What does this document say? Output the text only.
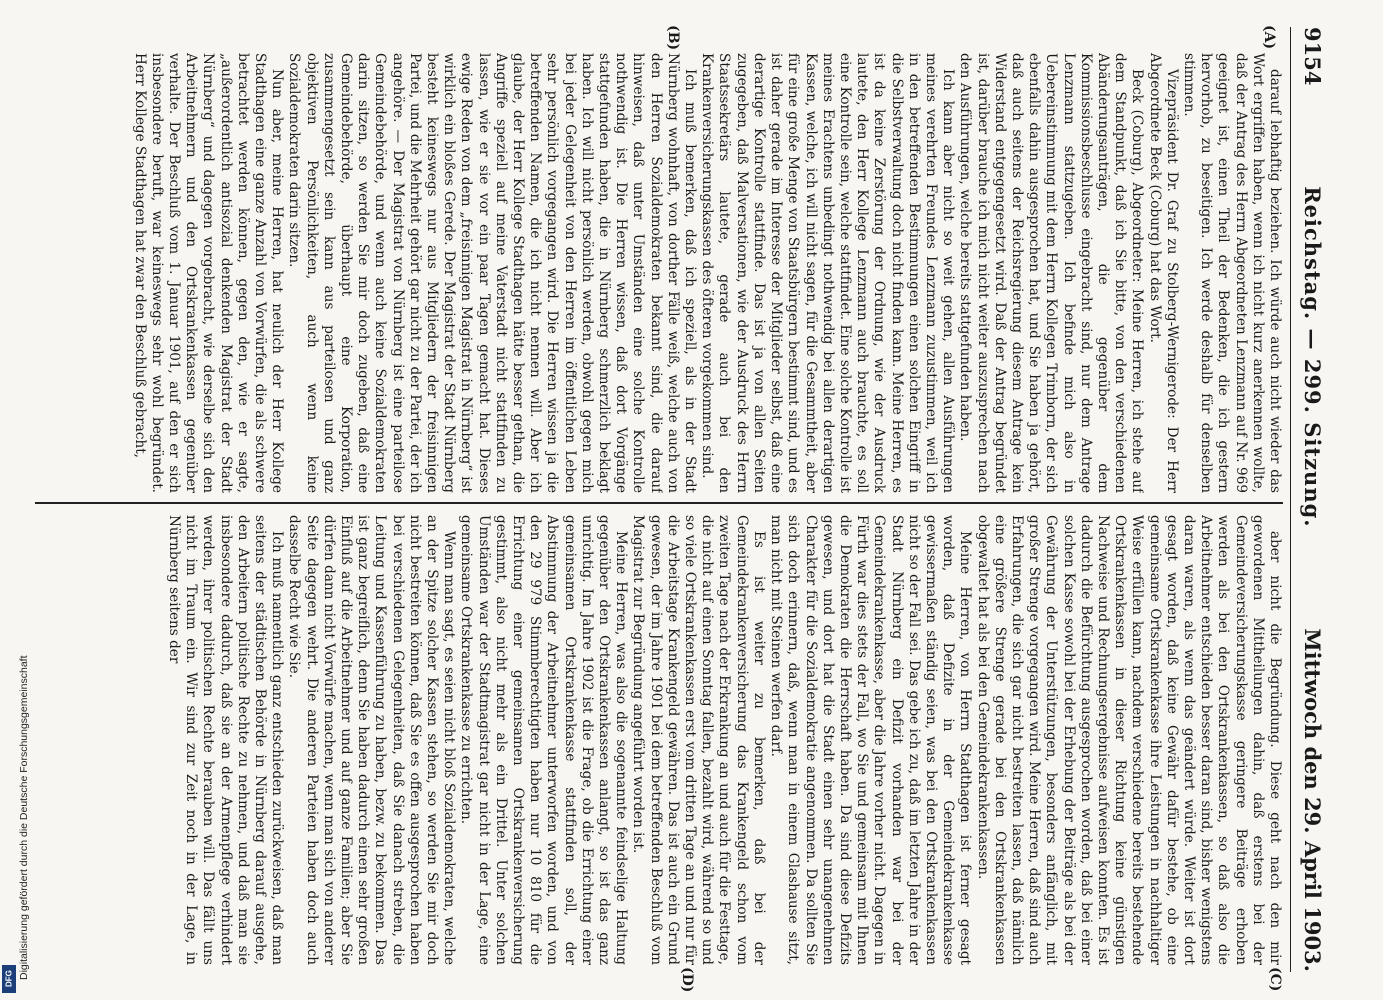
9154
Reichstag. — 299. Sitzung.
Mittwoch den 29. April 1903.
(A)
(B)
(C)
(D)

darauf lebhaftig beziehen. Ich würde auch nicht wieder das Wort ergriffen haben, wenn ich nicht kurz anerkennen wollte, daß der Antrag des Herrn Abgeordneten Lenzmann auf Nr. 969 geeignet ist, einen Theil der Bedenken, die ich gestern hervorhob, zu beseitigen. Ich werde deshalb für denselben stimmen.

Vizepräsident Dr. Graf zu Stolberg-Wernigerode: Der Herr Abgeordnete Beck (Coburg) hat das Wort.

Beck (Coburg), Abgeordneter: Meine Herren, ich stehe auf dem Standpunkt, daß ich Sie bitte, von den verschiedenen Abänderungsanträgen, die gegenüber dem Kommissionsbeschlusse eingebracht sind, nur dem Antrage Lenzmann stattzugeben. Ich befinde mich also in Uebereinstimmung mit dem Herrn Kollegen Trimborn, der sich ebenfalls dahin ausgesprochen hat, und Sie haben ja gehört, daß auch seitens der Reichsregierung diesem Antrage kein Widerstand entgegengesetzt wird. Daß der Antrag begründet ist, darüber brauche ich mich nicht weiter auszusprechen nach den Ausführungen, welche bereits stattgefunden haben.

Ich kann aber nicht so weit gehen, allen Ausführungen meines verehrten Freundes Lenzmann zuzustimmen, weil ich in den betreffenden Bestimmungen einen solchen Eingriff in die Selbstverwaltung doch nicht finden kann. Meine Herren, es ist da keine Zerstörung der Ordnung, wie der Ausdruck lautete, den Herr Kollege Lenzmann auch brauchte, es soll eine Kontrolle sein, welche stattfindet. Eine solche Kontrolle ist meines Erachtens unbedingt nothwendig bei allen derartigen Kassen, welche, ich will nicht sagen, für die Gesammtheit, aber für eine große Menge von Staatsbürgern bestimmt sind, und es ist daher gerade im Interesse der Mitglieder selbst, daß eine derartige Kontrolle stattfinde. Das ist ja von allen Seiten zugegeben, daß Malversationen, wie der Ausdruck des Herrn Staatssekretärs lautete, gerade auch bei den Krankenversicherungskassen des öfteren vorgekommen sind.

Ich muß bemerken, daß ich speziell, als in der Stadt Nürnberg wohnhaft, von dorther Fälle weiß, welche auch von den Herren Sozialdemokraten bekannt sind, die darauf hinweisen, daß unter Umständen eine solche Kontrolle nothwendig ist. Die Herren wissen, daß dort Vorgänge stattgefunden haben, die in Nürnberg schmerzlich beklagt haben. Ich will nicht persönlich werden, obwohl gegen mich bei jeder Gelegenheit von den Herren im öffentlichen Leben sehr persönlich vorgegangen wird. Die Herren wissen ja die betreffenden Namen, die ich nicht nennen will. Aber ich glaube, der Herr Kollege Stadthagen hätte besser gethan, die Angriffe speziell auf meine Vaterstadt nicht stattfinden zu lassen, wie er sie vor ein paar Tagen gemacht hat. Dieses ewige Reden von dem „freisinnigen Magistrat in Nürnberg“ ist wirklich ein bloßes Gerede. Der Magistrat der Stadt Nürnberg besteht keineswegs nur aus Mitgliedern der freisinnigen Partei, und die Mehrheit gehört gar nicht zu der Partei, der ich angehöre. — Der Magistrat von Nürnberg ist eine parteilose Gemeindebehörde, und wenn auch keine Sozialdemokraten darin sitzen, so werden Sie mir doch zugeben, daß eine Gemeindebehörde, überhaupt eine Korporation, zusammengesetzt sein kann aus parteilosen und ganz objektiven Persönlichkeiten, auch wenn keine Sozialdemokraten darin sitzen.

Nun aber, meine Herren, hat neulich der Herr Kollege Stadthagen eine ganze Anzahl von Vorwürfen, die als schwere betrachtet werden können, gegen den, wie er sagte, „außerordentlich antisozial denkenden Magistrat der Stadt Nürnberg“ und dagegen vorgebracht, wie derselbe sich den Arbeitnehmern und den Ortskrankenkassen gegenüber verhalte. Der Beschluß vom 1. Januar 1901, auf den er sich insbesondere beruft, war keineswegs sehr wohl begründet. Herr Kollege Stadthagen hat zwar den Beschluß gebracht,

aber nicht die Begründung. Diese geht nach den mir gewordenen Mittheilungen dahin, daß erstens bei der Gemeindeversicherungskasse geringere Beiträge erhoben werden als bei den Ortskrankenkassen, so daß also die Arbeitnehmer entschieden besser daran sind, bisher wenigstens daran waren, als wenn das geändert würde. Weiter ist dort gesagt worden, daß keine Gewähr dafür bestehe, ob eine gemeinsame Ortskrankenkasse ihre Leistungen in nachhaltiger Weise erfüllen kann, nachdem verschiedene bereits bestehende Ortskrankenkassen in dieser Richtung keine günstigen Nachweise und Rechnungsergebnisse aufweisen konnten. Es ist dadurch die Befürchtung ausgesprochen worden, daß bei einer solchen Kasse sowohl bei der Erhebung der Beiträge als bei der Gewährung der Unterstützungen, besonders anfänglich, mit großer Strenge vorgegangen wird. Meine Herren, daß sind auch Erfahrungen, die sich gar nicht bestreiten lassen, daß nämlich eine größere Strenge gerade bei den Ortskrankenkassen obgewaltet hat als bei den Gemeindekrankenkassen.

Meine Herren, von Herrn Stadthagen ist ferner gesagt worden, daß Defizite in der Gemeindekrankenkasse gewissermaßen ständig seien, was bei den Ortskrankenkassen nicht so der Fall sei. Das gebe ich zu, daß im letzten Jahre in der Stadt Nürnberg ein Defizit vorhanden war bei der Gemeindekrankenkasse, aber die Jahre vorher nicht. Dagegen in Fürth war dies stets der Fall, wo Sie und gemeinsam mit Ihnen die Demokraten die Herrschaft haben. Da sind diese Defizits gewesen, und dort hat die Stadt einen sehr unangenehmen Charakter für die Sozialdemokratie angenommen. Da sollten Sie sich doch erinnern, daß, wenn man in einem Glashause sitzt, man nicht mit Steinen werfen darf.

Es ist weiter zu bemerken, daß bei der Gemeindekrankenversicherung das Krankengeld schon vom zweiten Tage nach der Erkrankung an und auch für die Festtage, die nicht auf einen Sonntag fallen, bezahlt wird, während so und so viele Ortskrankenkassen erst vom dritten Tage an und nur für die Arbeitstage Krankengeld gewähren. Das ist auch ein Grund gewesen, der im Jahre 1901 bei dem betreffenden Beschluß vom Magistrat zur Begründung angeführt worden ist.

Meine Herren, was also die sogenannte feindselige Haltung gegenüber den Ortskrankenkassen anlangt, so ist das ganz unrichtig. Im Jahre 1902 ist die Frage, ob die Errichtung einer gemeinsamen Ortskrankenkasse stattfinden soll, der Abstimmung der Arbeitnehmer unterworfen worden, und von den 29 979 Stimmberechtigten haben nur 10 810 für die Errichtung einer gemeinsamen Ortskrankenversicherung gestimmt, also nicht mehr als ein Drittel. Unter solchen Umständen war der Stadtmagistrat gar nicht in der Lage, eine gemeinsame Ortskrankenkasse zu errichten.

Wenn man sagt, es seien nicht bloß Sozialdemokraten, welche an der Spitze solcher Kassen stehen, so werden Sie mir doch nicht bestreiten können, daß Sie es offen ausgesprochen haben bei verschiedenen Gelegenheiten, daß Sie danach streben, die Leitung und Kassenführung zu haben, bezw. zu bekommen. Das ist ganz begreiflich, denn Sie haben dadurch einen sehr großen Einfluß auf die Arbeitnehmer und auf ganze Familien; aber Sie dürfen dann nicht Vorwürfe machen, wenn man sich von anderer Seite dagegen wehrt. Die anderen Parteien haben doch auch dasselbe Recht wie Sie.

Ich muß namentlich ganz entschieden zurückweisen, daß man seitens der städtischen Behörde in Nürnberg darauf ausgehe, den Arbeitern politische Rechte zu nehmen, und daß man sie insbesondere dadurch, daß sie an der Armenpflege verhindert werden, ihrer politischen Rechte berauben will. Das fällt uns nicht im Traum ein. Wir sind zur Zeit noch in der Lage, in Nürnberg seitens der

Digitalisierung gefördert durch die Deutsche Forschungsgemeinschaft
DFG
